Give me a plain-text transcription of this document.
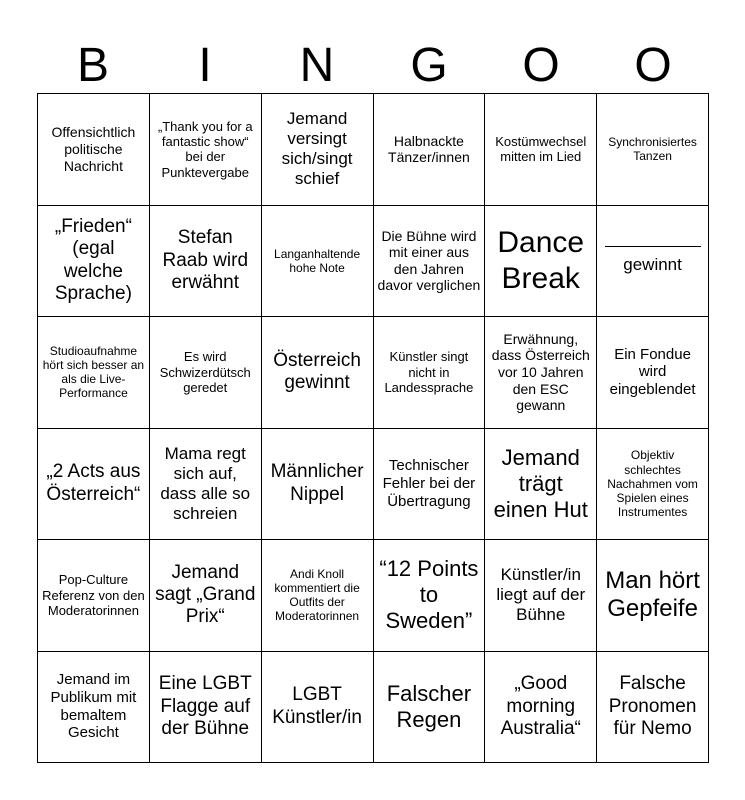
B	I	N	G	O	O
Offensichtlich politische Nachricht
„Thank you for a fantastic show“ bei der Punktevergabe
Jemand versingt sich/singt schief
Halbnackte Tänzer/innen
Kostümwechsel mitten im Lied
Synchronisiertes Tanzen
„Frieden“ (egal welche Sprache)
Stefan Raab wird erwähnt
Langanhaltende hohe Note
Die Bühne wird mit einer aus den Jahren davor verglichen
Dance Break	gewinnt
Studioaufnahme hört sich besser an als die Live-Performance
Es wird Schwizerdütsch geredet
Österreich gewinnt
Künstler singt nicht in Landessprache
Erwähnung, dass Österreich vor 10 Jahren den ESC gewann
Ein Fondue wird eingeblendet
„2 Acts aus Österreich“
Mama regt sich auf, dass alle so schreien
Männlicher Nippel
Technischer Fehler bei der Übertragung
Jemand trägt einen Hut
Objektiv schlechtes Nachahmen vom Spielen eines Instrumentes
Pop-Culture Referenz von den Moderatorinnen
Jemand sagt „Grand Prix“
Andi Knoll kommentiert die Outfits der Moderatorinnen
“12 Points to Sweden”
Künstler/in liegt auf der Bühne
Man hört Gepfeife
Jemand im Publikum mit bemaltem Gesicht
Eine LGBT Flagge auf der Bühne
LGBT Künstler/in
Falscher Regen
„Good morning Australia“
Falsche Pronomen für Nemo
